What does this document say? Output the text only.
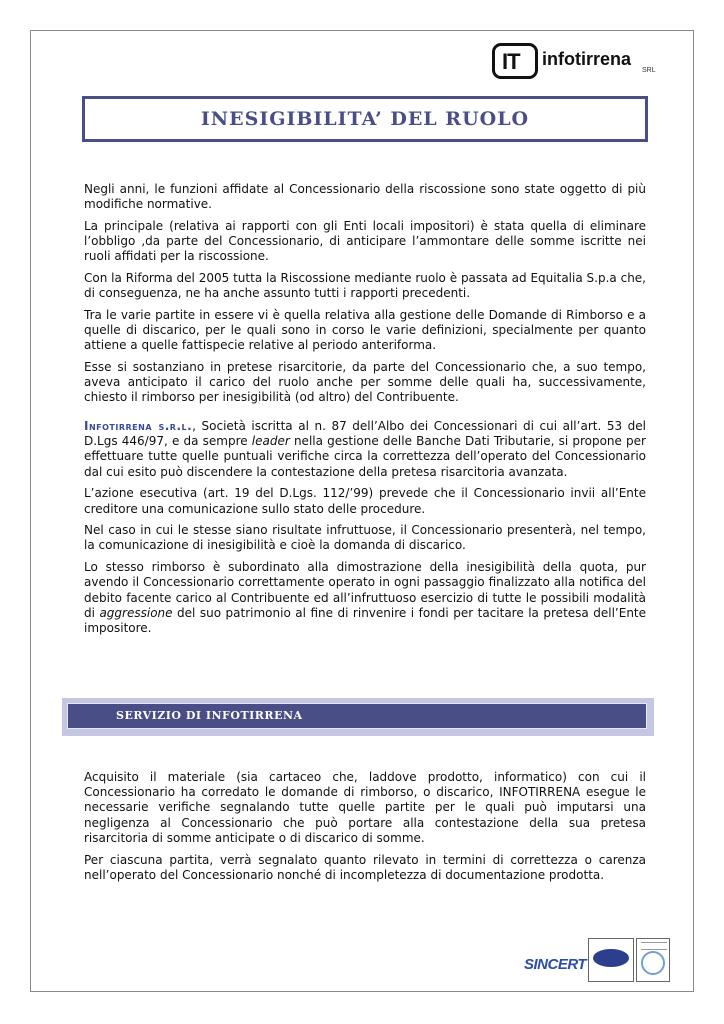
IT infotirrena
SRL
INESIGIBILITA’ DEL RUOLO

Negli anni, le funzioni affidate al Concessionario della riscossione sono state oggetto di più modifiche normative.

La principale (relativa ai rapporti con gli Enti locali impositori) è stata quella di eliminare l’obbligo ,da parte del Concessionario, di anticipare l’ammontare delle somme iscritte nei ruoli affidati per la riscossione.

Con la Riforma del 2005 tutta la Riscossione mediante ruolo è passata ad Equitalia S.p.a che, di conseguenza, ne ha anche assunto tutti i rapporti precedenti.

Tra le varie partite in essere vi è quella relativa alla gestione delle Domande di Rimborso e a quelle di discarico, per le quali sono in corso le varie definizioni, specialmente per quanto attiene a quelle fattispecie relative al periodo anteriforma.

Esse si sostanziano in pretese risarcitorie, da parte del Concessionario che, a suo tempo, aveva anticipato il carico del ruolo anche per somme delle quali ha, successivamente, chiesto il rimborso per inesigibilità (od altro) del Contribuente.

Infotirrena s.r.l., Società iscritta al n. 87 dell’Albo dei Concessionari di cui all’art. 53 del D.Lgs 446/97, e da sempre leader nella gestione delle Banche Dati Tributarie, si propone per effettuare tutte quelle puntuali verifiche circa la correttezza dell’operato del Concessionario dal cui esito può discendere la contestazione della pretesa risarcitoria avanzata.

L’azione esecutiva (art. 19 del D.Lgs. 112/’99) prevede che il Concessionario invii all’Ente creditore una comunicazione sullo stato delle procedure.

Nel caso in cui le stesse siano risultate infruttuose, il Concessionario presenterà, nel tempo, la comunicazione di inesigibilità e cioè la domanda di discarico.

Lo stesso rimborso è subordinato alla dimostrazione della inesigibilità della quota, pur avendo il Concessionario correttamente operato in ogni passaggio finalizzato alla notifica del debito facente carico al Contribuente ed all’infruttuoso esercizio di tutte le possibili modalità di aggressione del suo patrimonio al fine di rinvenire i fondi per tacitare la pretesa dell’Ente impositore.

SERVIZIO DI INFOTIRRENA

Acquisito il materiale (sia cartaceo che, laddove prodotto, informatico) con cui il Concessionario ha corredato le domande di rimborso, o discarico, INFOTIRRENA esegue le necessarie verifiche segnalando tutte quelle partite per le quali può imputarsi una negligenza al Concessionario che può portare alla contestazione della sua pretesa risarcitoria di somme anticipate o di discarico di somme.

Per ciascuna partita, verrà segnalato quanto rilevato in termini di correttezza o carenza nell’operato del Concessionario nonché di incompletezza di documentazione prodotta.

SINCERT
